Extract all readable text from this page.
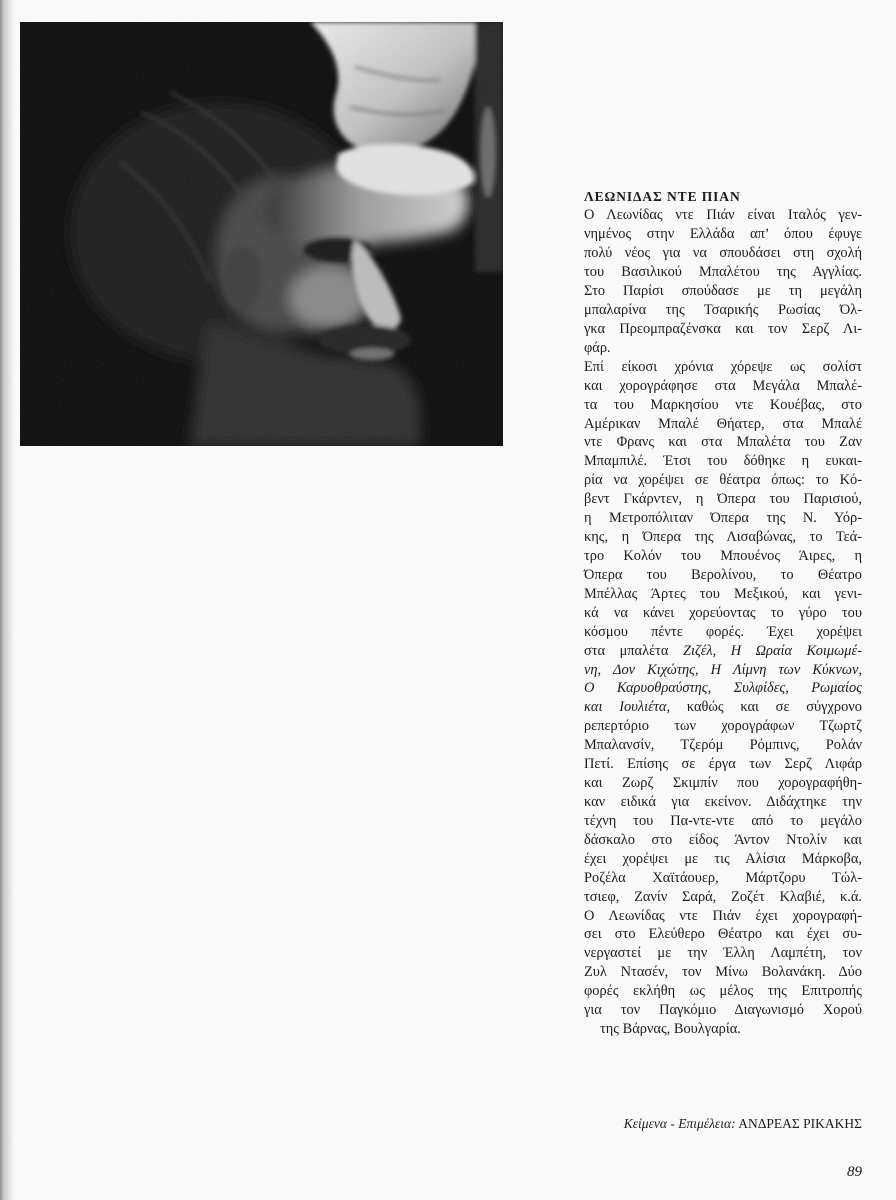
ΛΕΩΝΙΔΑΣ ΝΤΕ ΠΙΑΝ
Ο Λεωνίδας ντε Πιάν είναι Ιταλός γεν-
νημένος στην Ελλάδα απ’ όπου έφυγε
πολύ νέος για να σπουδάσει στη σχολή
του Βασιλικού Μπαλέτου της Αγγλίας.
Στο Παρίσι σπούδασε με τη μεγάλη
μπαλαρίνα της Τσαρικής Ρωσίας Όλ-
γκα Πρεομπραζένσκα και τον Σερζ Λι-
φάρ.
Επί είκοσι χρόνια χόρεψε ως σολίστ
και χορογράφησε στα Μεγάλα Μπαλέ-
τα του Μαρκησίου ντε Κουέβας, στο
Αμέρικαν Μπαλέ Θήατερ, στα Μπαλέ
ντε Φρανς και στα Μπαλέτα του Ζαν
Μπαμπιλέ. Έτσι του δόθηκε η ευκαι-
ρία να χορέψει σε θέατρα όπως: το Κό-
βεντ Γκάρντεν, η Όπερα του Παρισιού,
η Μετροπόλιταν Όπερα της Ν. Υόρ-
κης, η Όπερα της Λισαβώνας, το Τεά-
τρο Κολόν του Μπουένος Άιρες, η
Όπερα του Βερολίνου, το Θέατρο
Μπέλλας Άρτες του Μεξικού, και γενι-
κά να κάνει χορεύοντας το γύρο του
κόσμου πέντε φορές. Έχει χορέψει
στα μπαλέτα Ζιζέλ, Η Ωραία Κοιμωμέ-
νη, Δον Κιχώτης, Η Λίμνη των Κύκνων,
Ο Καρυοθραύστης, Συλφίδες, Ρωμαίος
και Ιουλιέτα, καθώς και σε σύγχρονο
ρεπερτόριο των χορογράφων Τζωρτζ
Μπαλανσίν, Τζερόμ Ρόμπινς, Ρολάν
Πετί. Επίσης σε έργα των Σερζ Λιφάρ
και Ζωρζ Σκιμπίν που χορογραφήθη-
καν ειδικά για εκείνον. Διδάχτηκε την
τέχνη του Πα-ντε-ντε από το μεγάλο
δάσκαλο στο είδος Άντον Ντολίν και
έχει χορέψει με τις Αλίσια Μάρκοβα,
Ροζέλα Χαϊτάουερ, Μάρτζορυ Τώλ-
τσιεφ, Ζανίν Σαρά, Ζοζέτ Κλαβιέ, κ.ά.
Ο Λεωνίδας ντε Πιάν έχει χορογραφή-
σει στο Ελεύθερο Θέατρο και έχει συ-
νεργαστεί με την Έλλη Λαμπέτη, τον
Ζυλ Ντασέν, τον Μίνω Βολανάκη. Δύο
φορές εκλήθη ως μέλος της Επιτροπής
για τον Παγκόμιο Διαγωνισμό Χορού
της Βάρνας, Βουλγαρία.
Κείμενα - Επιμέλεια: ΑΝΔΡΕΑΣ ΡΙΚΑΚΗΣ
89
